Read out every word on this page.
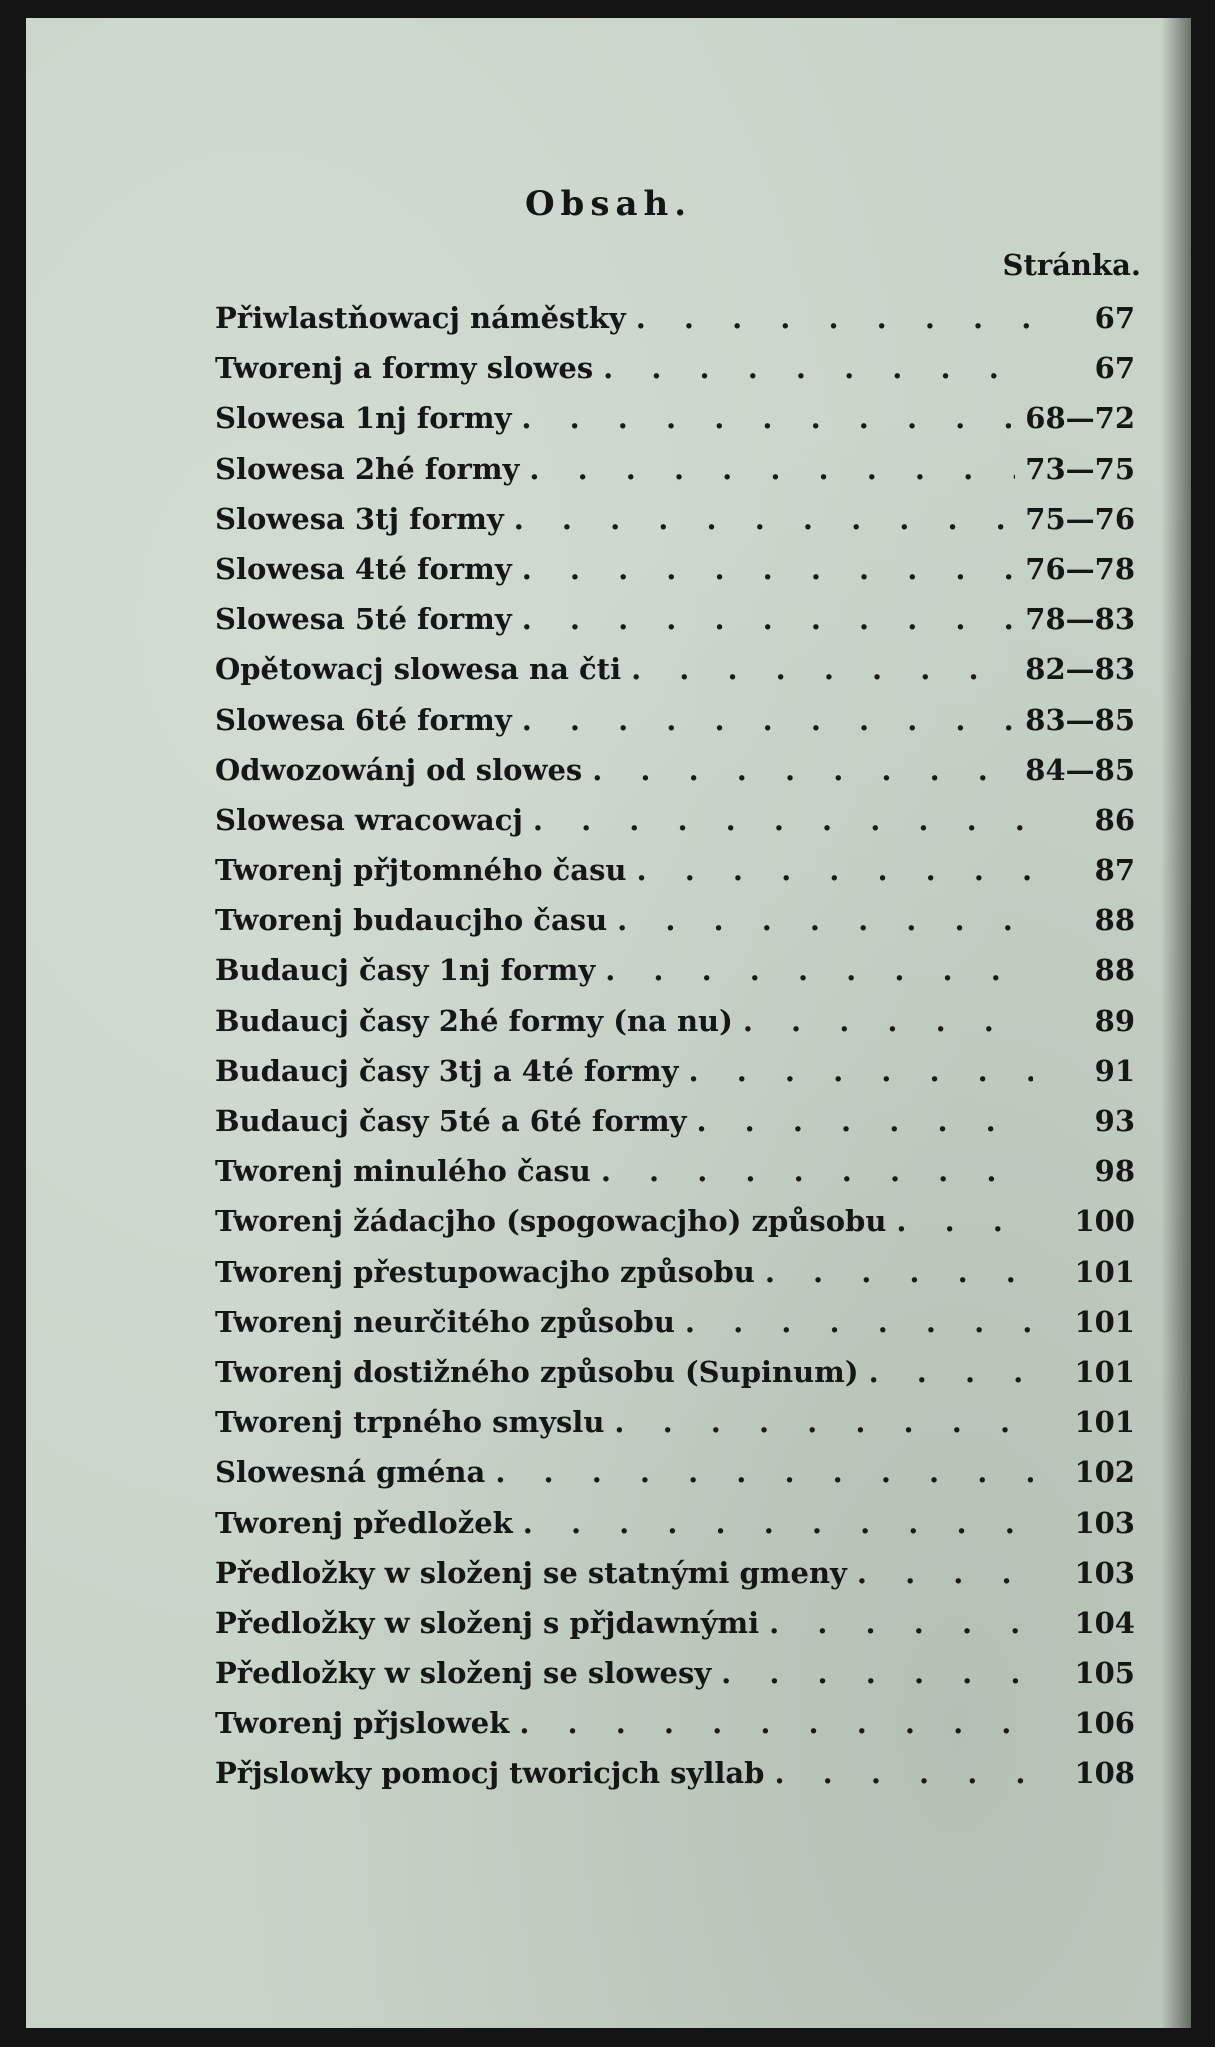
Obsah.
Stránka.
Přiwlastňowacj náměstky . . .	67
Tworenj a formy slowes . . .	67
Slowesa 1nj formy . . .	68—72
Slowesa 2hé formy . . .	73—75
Slowesa 3tj formy . . .	75—76
Slowesa 4té formy . . .	76—78
Slowesa 5té formy . . .	78—83
Opětowacj slowesa na čti . . .	82—83
Slowesa 6té formy . . .	83—85
Odwozowánj od slowes . . .	84—85
Slowesa wracowacj . . .	86
Tworenj přjtomného času . . .	87
Tworenj budaucjho času . . .	88
Budaucj časy 1nj formy . . .	88
Budaucj časy 2hé formy (na nu) . . .	89
Budaucj časy 3tj a 4té formy . . .	91
Budaucj časy 5té a 6té formy . . .	93
Tworenj minulého času . . .	98
Tworenj žádacjho (spogowacjho) způsobu . . .	100
Tworenj přestupowacjho způsobu . . .	101
Tworenj neurčitého způsobu . . .	101
Tworenj dostižného způsobu (Supinum) . . .	101
Tworenj trpného smyslu . . .	101
Slowesná gména . . .	102
Tworenj předložek . . .	103
Předložky w složenj se statnými gmeny . . .	103
Předložky w složenj s přjdawnými . . .	104
Předložky w složenj se slowesy . . .	105
Tworenj přjslowek . . .	106
Přjslowky pomocj tworicjch syllab . . .	108
